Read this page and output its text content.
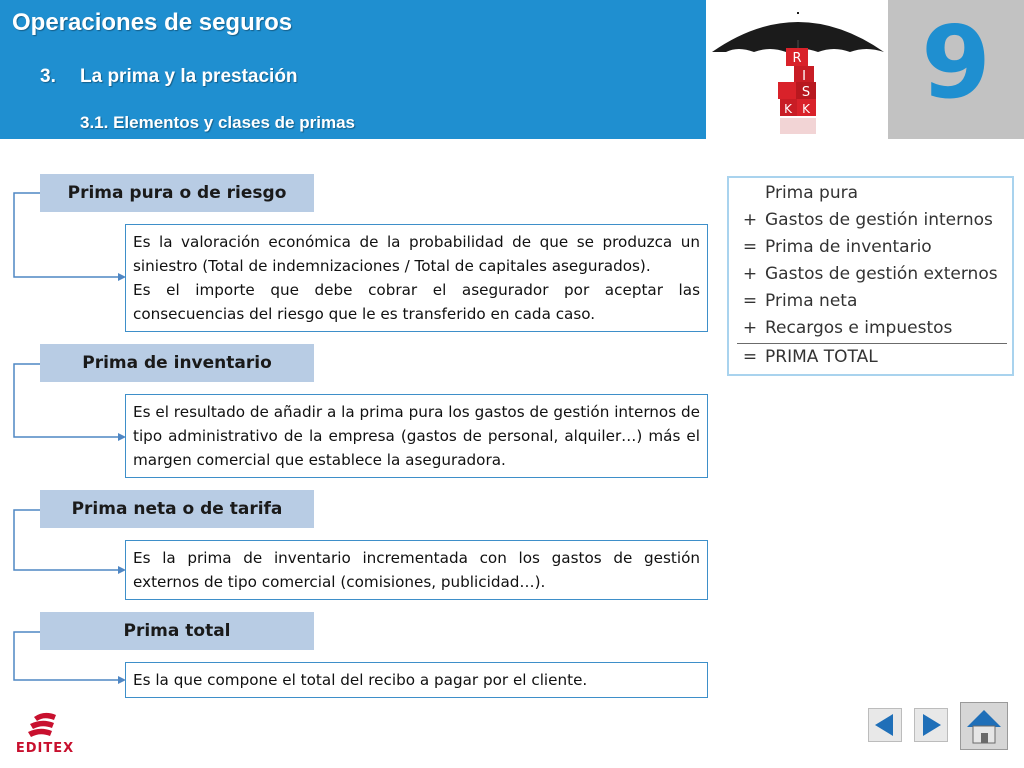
Operaciones de seguros
3. La prima y la prestación
3.1. Elementos y clases de primas
R
I
S
K K	9
Prima pura o de riesgo

Es la valoración económica de la probabilidad de que se produzca un siniestro (Total de indemnizaciones / Total de capitales asegurados).

Es el importe que debe cobrar el asegurador por aceptar las consecuencias del riesgo que le es transferido en cada caso.

Prima de inventario

Es el resultado de añadir a la prima pura los gastos de gestión internos de tipo administrativo de la empresa (gastos de personal, alquiler…) más el margen comercial que establece la aseguradora.

Prima neta o de tarifa

Es la prima de inventario incrementada con los gastos de gestión externos de tipo comercial (comisiones, publicidad…).

Prima total

Es la que compone el total del recibo a pagar por el cliente.

Prima pura
+ Gastos de gestión internos
= Prima de inventario
+ Gastos de gestión externos
= Prima neta
+ Recargos e impuestos
= PRIMA TOTAL
EDITEX
